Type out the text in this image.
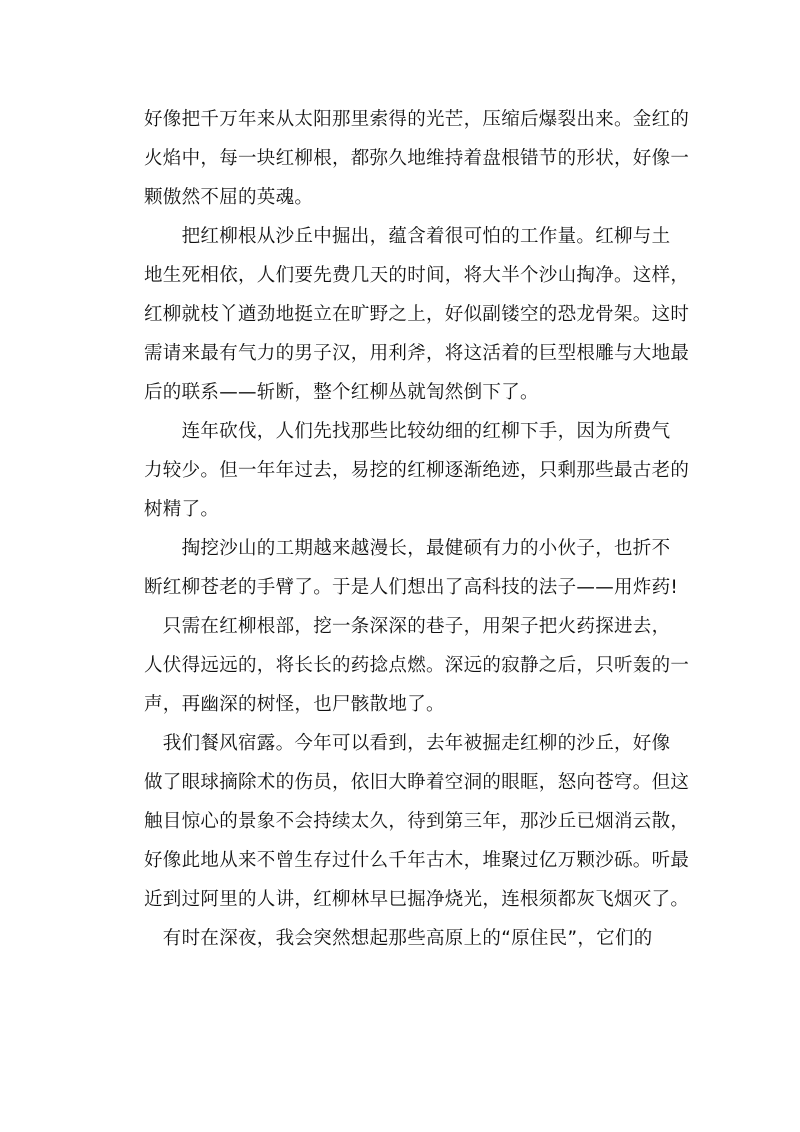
好像把千万年来从太阳那里索得的光芒，压缩后爆裂出来。金红的
火焰中，每一块红柳根，都弥久地维持着盘根错节的形状，好像一
颗傲然不屈的英魂。
　　把红柳根从沙丘中掘出，蕴含着很可怕的工作量。红柳与土
地生死相依，人们要先费几天的时间，将大半个沙山掏净。这样，
红柳就枝丫遒劲地挺立在旷野之上，好似副镂空的恐龙骨架。这时
需请来最有气力的男子汉，用利斧，将这活着的巨型根雕与大地最
后的联系——斩断，整个红柳丛就訇然倒下了。
　　连年砍伐，人们先找那些比较幼细的红柳下手，因为所费气
力较少。但一年年过去，易挖的红柳逐渐绝迹，只剩那些最古老的
树精了。
　　掏挖沙山的工期越来越漫长，最健硕有力的小伙子，也折不
断红柳苍老的手臂了。于是人们想出了高科技的法子——用炸药!
　只需在红柳根部，挖一条深深的巷子，用架子把火药探进去，
人伏得远远的，将长长的药捻点燃。深远的寂静之后，只听轰的一
声，再幽深的树怪，也尸骸散地了。
　我们餐风宿露。今年可以看到，去年被掘走红柳的沙丘，好像
做了眼球摘除术的伤员，依旧大睁着空洞的眼眶，怒向苍穹。但这
触目惊心的景象不会持续太久，待到第三年，那沙丘已烟消云散，
好像此地从来不曾生存过什么千年古木，堆聚过亿万颗沙砾。听最
近到过阿里的人讲，红柳林早巳掘净烧光，连根须都灰飞烟灭了。
　有时在深夜，我会突然想起那些高原上的“原住民”，它们的
